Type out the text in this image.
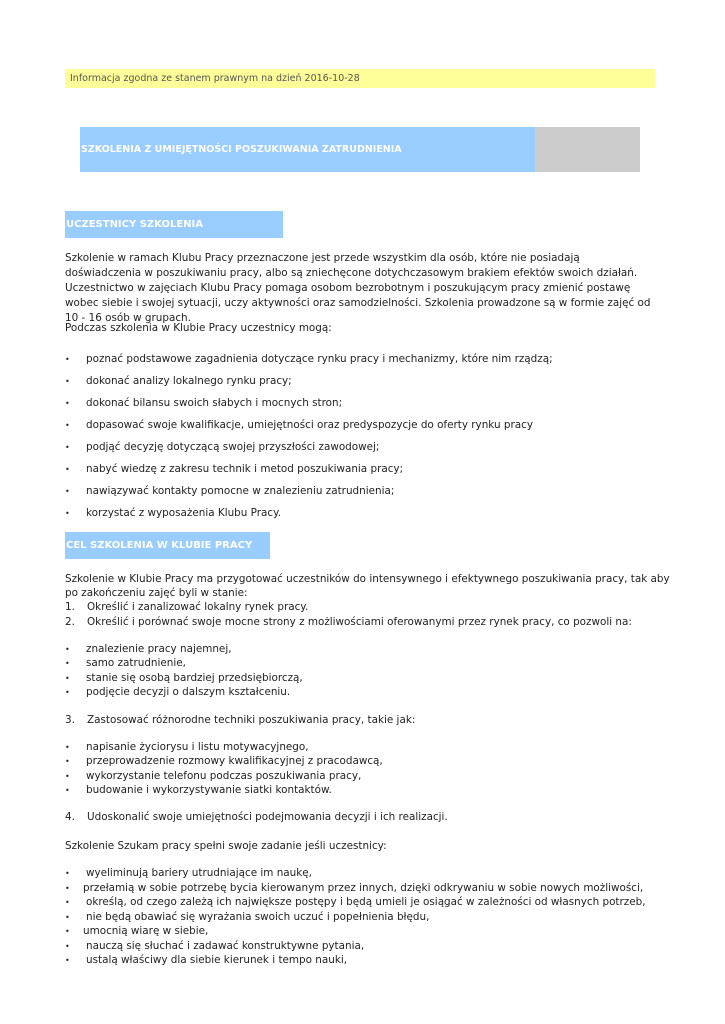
Informacja zgodna ze stanem prawnym na dzień 2016-10-28
SZKOLENIA Z UMIEJĘTNOŚCI POSZUKIWANIA ZATRUDNIENIA
UCZESTNICY SZKOLENIA

Szkolenie w ramach Klubu Pracy przeznaczone jest przede wszystkim dla osób, które nie posiadają doświadczenia w poszukiwaniu pracy, albo są zniechęcone dotychczasowym brakiem efektów swoich działań. Uczestnictwo w zajęciach Klubu Pracy pomaga osobom bezrobotnym i poszukującym pracy zmienić postawę wobec siebie i swojej sytuacji, uczy aktywności oraz samodzielności. Szkolenia prowadzone są w formie zajęć od 10 - 16 osób w grupach.

Podczas szkolenia w Klubie Pracy uczestnicy mogą:

• poznać podstawowe zagadnienia dotyczące rynku pracy i mechanizmy, które nim rządzą;
• dokonać analizy lokalnego rynku pracy;
• dokonać bilansu swoich słabych i mocnych stron;
• dopasować swoje kwalifikacje, umiejętności oraz predyspozycje do oferty rynku pracy
• podjąć decyzję dotyczącą swojej przyszłości zawodowej;
• nabyć wiedzę z zakresu technik i metod poszukiwania pracy;
• nawiązywać kontakty pomocne w znalezieniu zatrudnienia;
• korzystać z wyposażenia Klubu Pracy.
CEL SZKOLENIA W KLUBIE PRACY
Szkolenie w Klubie Pracy ma przygotować uczestników do intensywnego i efektywnego poszukiwania pracy, tak aby
po zakończeniu zajęć byli w stanie:
1. Określić i zanalizować lokalny rynek pracy.
2. Określić i porównać swoje mocne strony z możliwościami oferowanymi przez rynek pracy, co pozwoli na:
• znalezienie pracy najemnej,
• samo zatrudnienie,
• stanie się osobą bardziej przedsiębiorczą,
• podjęcie decyzji o dalszym kształceniu.
3. Zastosować różnorodne techniki poszukiwania pracy, takie jak:
• napisanie życiorysu i listu motywacyjnego,
• przeprowadzenie rozmowy kwalifikacyjnej z pracodawcą,
• wykorzystanie telefonu podczas poszukiwania pracy,
• budowanie i wykorzystywanie siatki kontaktów.
4. Udoskonalić swoje umiejętności podejmowania decyzji i ich realizacji.
Szkolenie Szukam pracy spełni swoje zadanie jeśli uczestnicy:
• wyeliminują bariery utrudniające im naukę,
• przełamią w sobie potrzebę bycia kierowanym przez innych, dzięki odkrywaniu w sobie nowych możliwości,
• określą, od czego zależą ich największe postępy i będą umieli je osiągać w zależności od własnych potrzeb,
• nie będą obawiać się wyrażania swoich uczuć i popełnienia błędu,
• umocnią wiarę w siebie,
• nauczą się słuchać i zadawać konstruktywne pytania,
• ustalą właściwy dla siebie kierunek i tempo nauki,
